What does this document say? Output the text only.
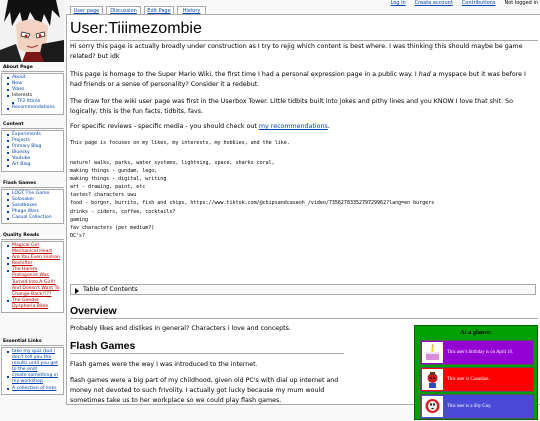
About Page
About
Now
Vibes
Interests
TF2 Ittime
Recommendations
Content
Experiments
Projects
Primary Blog
Bluesky
Youtube
Art Blog
Flash Games
LOGT The Game
Solosaker
Sandboxes
Phage Wars
Casual Collection
Quality Reads
Magical Girl Mechanical Heart
Are You Even Human
Roshifter
The Harem Protagonist Was Turned Into A Girl!! And Doesn't Want To Change Back!???
The Gender Dysphoria Bible
Essential Links
take my quiz (but i don't tell you the results until you get to the end)
create something in my workshop
A collection of links
Log in Create account Contributions Not logged in
User page	Discussion	Edit Page	History
User:Tiiimezombie
Hi sorry this page is actually broadly under construction as I try to rejig which content is best where. I was thinking this should maybe be game related? but idk
This page is homage to the Super Mario Wiki, the first time I had a personal expression page in a public way. I had a myspace but it was before I had friends or a sense of personality? Consider it a redebut.
The draw for the wiki user page was first in the Userbox Tower. Little tidbits built into jokes and pithy lines and you KNOW I love that shit. So logically, this is the fun facts, tidbits, favs.
For specific reviews - specific media - you should check out my recommendations.
This page is focuses on my likes, my interests, my hobbies, and the like.
nature! walks, parks, water systems, lightning, space, sharks coral,
making things - gundam, lego,
making things - digital, writing
art - drawing, paint, etc
tastes? characters uwu
food - borgor, burrito, fish and chips, https://www.tiktok.com/@chipsandcaseoh_/video/7356278335279729962?lang=en burgers
drinks - ciders, coffee, cocktails?
gaming
fav characters (per medium?)
OC's?
Table of Contents
Overview
Probably likes and dislikes in general? Characters i love and concepts.
Flash Games
Flash games were the way I was introduced to the internet.
flash games were a big part of my childhood, given old PC's with dial up internet and money not devoted to such frivolity. I actually got lucky because my mum would sometimes take us to her workplace so we could play flash games.
At a glance:
This user's birthday is on April 16.
This user is Canadian.
This user is a Shy Guy.
